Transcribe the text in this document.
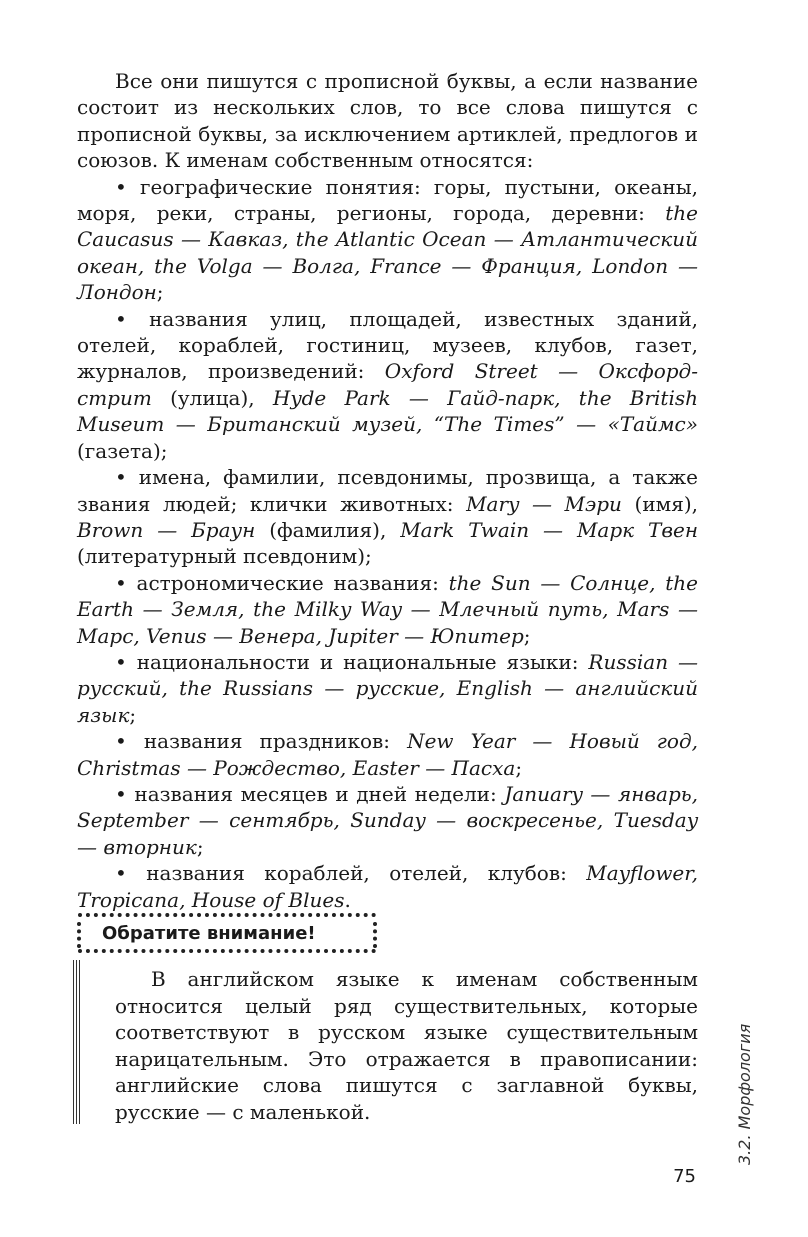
Все они пишутся с прописной буквы, а если название состоит из нескольких слов, то все слова пишутся с прописной буквы, за исключением артиклей, предлогов и союзов. К именам собственным относятся:

• географические понятия: горы, пустыни, океаны, моря, реки, страны, регионы, города, деревни: the Caucasus — Кавказ, the Atlantic Ocean — Атлантический океан, the Volga — Волга, France — Франция, London — Лондон;

• названия улиц, площадей, известных зданий, отелей, кораблей, гостиниц, музеев, клубов, газет, журналов, произведений: Oxford Street — Оксфорд-стрит (улица), Hyde Park — Гайд-парк, the British Museum — Британский музей, “The Times” — «Таймс» (газета);

• имена, фамилии, псевдонимы, прозвища, а также звания людей; клички животных: Mary — Мэри (имя), Brown — Браун (фамилия), Mark Twain — Марк Твен (литературный псевдоним);

• астрономические названия: the Sun — Солнце, the Earth — Земля, the Milky Way — Млечный путь, Mars — Марс, Venus — Венера, Jupiter — Юпитер;

• национальности и национальные языки: Russian — русский, the Russians — русские, English — английский язык;

• названия праздников: New Year — Новый год, Christmas — Рождество, Easter — Пасха;

• названия месяцев и дней недели: January — январь, September — сентябрь, Sunday — воскресенье, Tuesday — вторник;

• названия кораблей, отелей, клубов: Mayflower, Tropicana, House of Blues.

Обратите внимание!

В английском языке к именам собственным относится целый ряд существительных, которые соответствуют в русском языке существительным нарицательным. Это отражается в правописании: английские слова пишутся с заглавной буквы, русские — с маленькой.

75
3.2. Морфология
